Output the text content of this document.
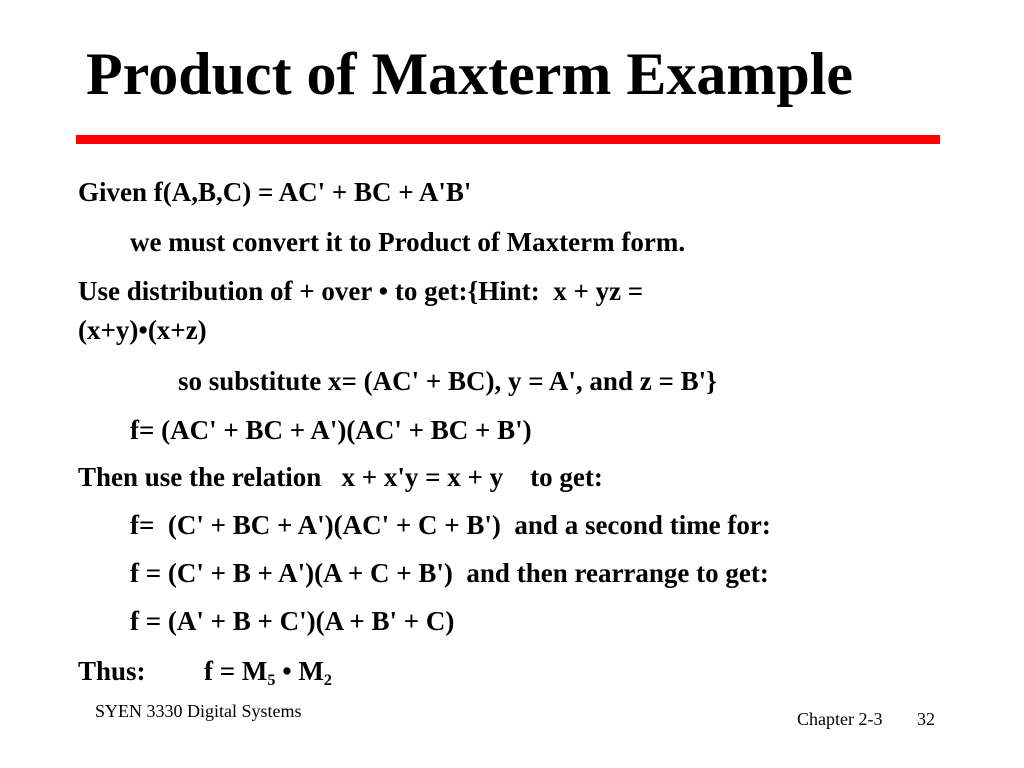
Product of Maxterm Example
Given f(A,B,C) = AC' + BC + A'B'
we must convert it to Product of Maxterm form.
Use distribution of + over • to get:{Hint:  x + yz =
(x+y)•(x+z)
so substitute x= (AC' + BC), y = A', and z = B'}
f= (AC' + BC + A')(AC' + BC + B')
Then use the relation   x + x'y = x + y    to get:
f=  (C' + BC + A')(AC' + C + B')  and a second time for:
f = (C' + B + A')(A + C + B')  and then rearrange to get:
f = (A' + B + C')(A + B' + C)
Thus: $f = M_5$ • $M_2$
SYEN 3330 Digital Systems	Chapter 2-3 32
